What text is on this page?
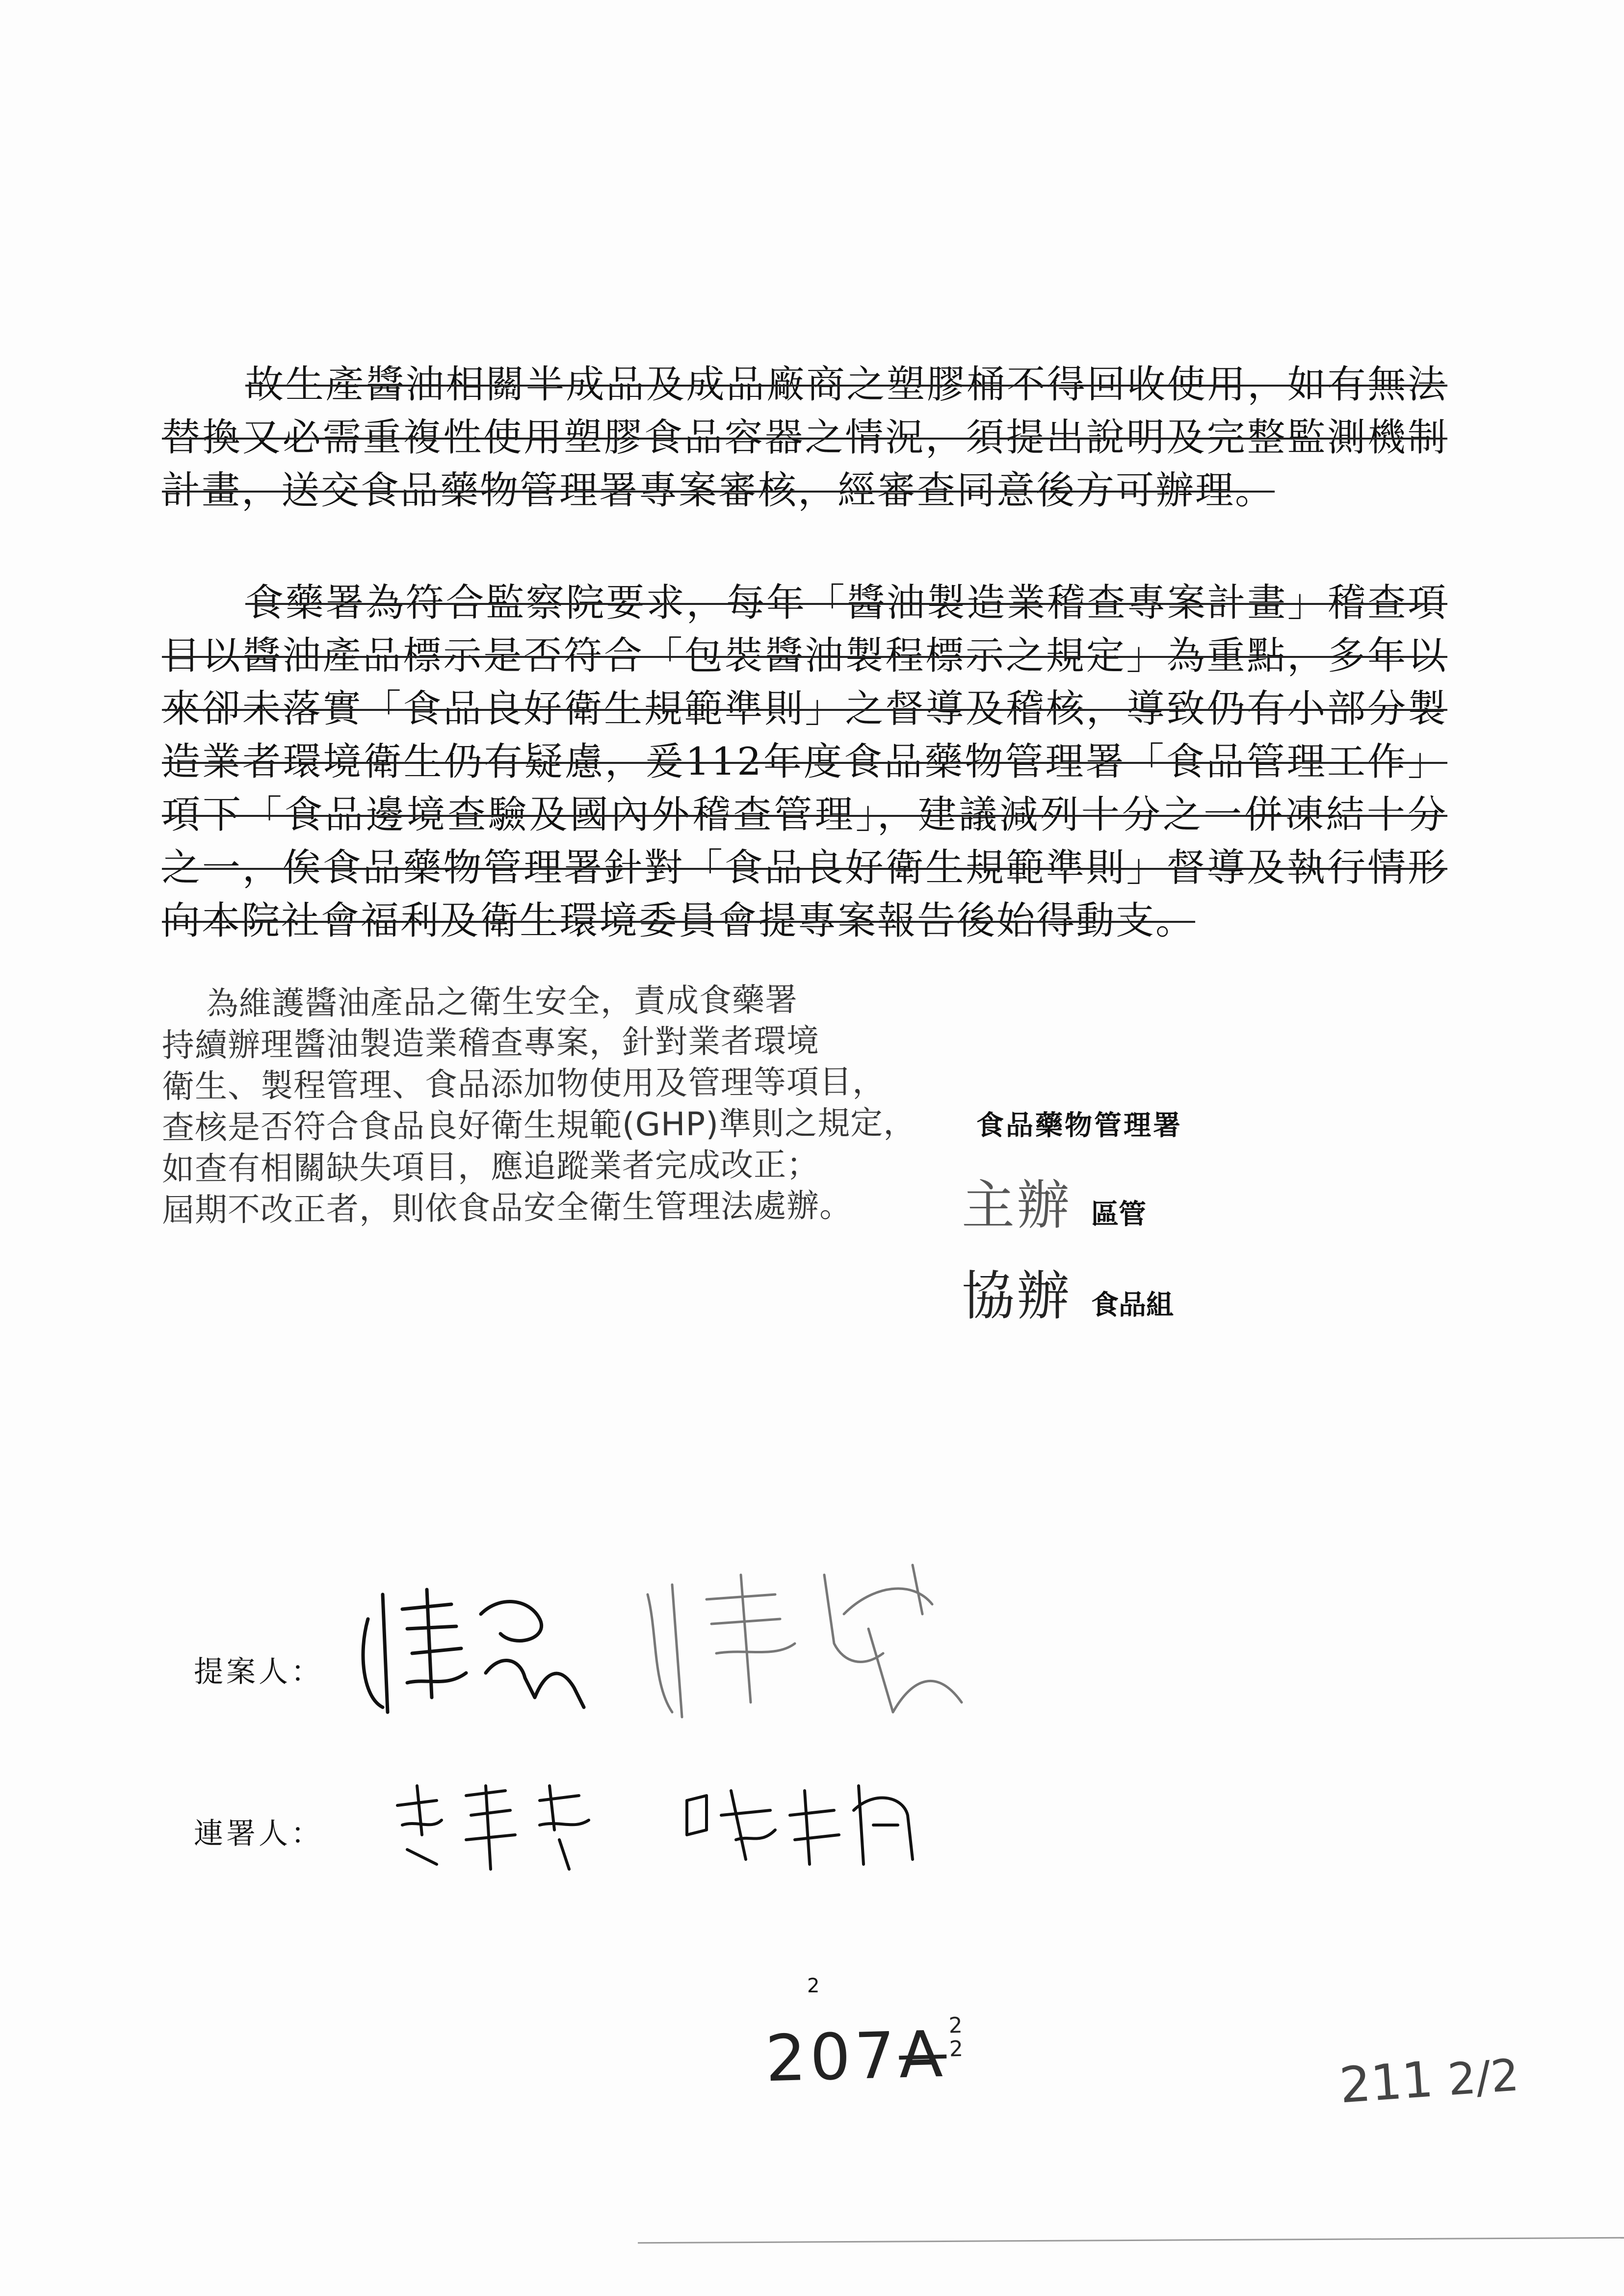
故生產醬油相關半成品及成品廠商之塑膠桶不得回收使用，如有無法替換又必需重複性使用塑膠食品容器之情況，須提出說明及完整監測機制計畫，送交食品藥物管理署專案審核，經審查同意後方可辦理。

食藥署為符合監察院要求，每年「醬油製造業稽查專案計畫」稽查項目以醬油產品標示是否符合「包裝醬油製程標示之規定」為重點，多年以來卻未落實「食品良好衛生規範準則」之督導及稽核，導致仍有小部分製造業者環境衛生仍有疑慮，爰112年度食品藥物管理署「食品管理工作」項下「食品邊境查驗及國內外稽查管理」，建議減列十分之一併凍結十分之一，俟食品藥物管理署針對「食品良好衛生規範準則」督導及執行情形向本院社會福利及衛生環境委員會提專案報告後始得動支。

為維護醬油產品之衛生安全，責成食藥署
持續辦理醬油製造業稽查專案，針對業者環境
衛生、製程管理、食品添加物使用及管理等項目，
查核是否符合食品良好衛生規範(GHP)準則之規定，
如查有相關缺失項目，應追蹤業者完成改正；
屆期不改正者，則依食品安全衛生管理法處辦。
食品藥物管理署
主辦 區管
協辦 食品組
提案人：
連署人：
2
207A2
2
211 2/2
